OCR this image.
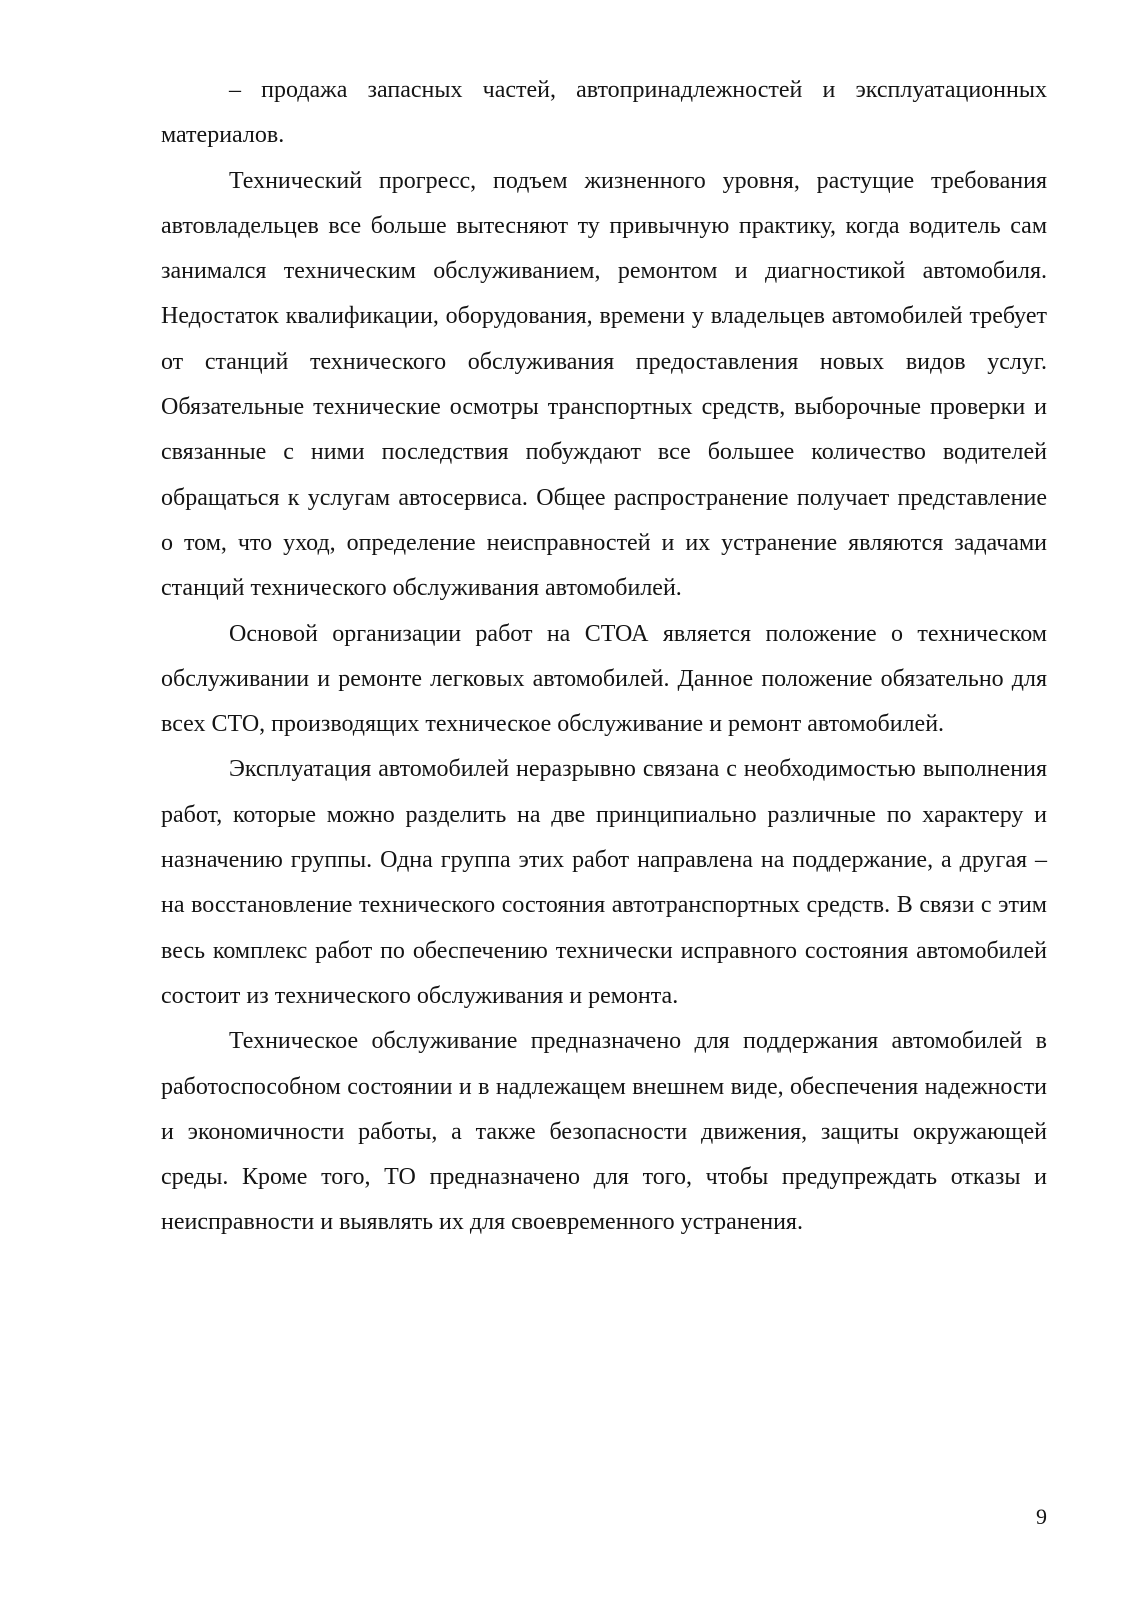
– продажа запасных частей, автопринадлежностей и эксплуатационных материалов.

Технический прогресс, подъем жизненного уровня, растущие требования автовладельцев все больше вытесняют ту привычную практику, когда водитель сам занимался техническим обслуживанием, ремонтом и диагностикой автомобиля. Недостаток квалификации, оборудования, времени у владельцев автомобилей требует от станций технического обслуживания предоставления новых видов услуг. Обязательные технические осмотры транспортных средств, выборочные проверки и связанные с ними последствия побуждают все большее количество водителей обращаться к услугам автосервиса. Общее распространение получает представление о том, что уход, определение неисправностей и их устранение являются задачами станций технического обслуживания автомобилей.

Основой организации работ на СТОА является положение о техническом обслуживании и ремонте легковых автомобилей. Данное положение обязательно для всех СТО, производящих техническое обслуживание и ремонт автомобилей.

Эксплуатация автомобилей неразрывно связана с необходимостью выполнения работ, которые можно разделить на две принципиально различные по характеру и назначению группы. Одна группа этих работ направлена на поддержание, а другая – на восстановление технического состояния автотранспортных средств. В связи с этим весь комплекс работ по обеспечению технически исправного состояния автомобилей состоит из технического обслуживания и ремонта.

Техническое обслуживание предназначено для поддержания автомобилей в работоспособном состоянии и в надлежащем внешнем виде, обеспечения надежности и экономичности работы, а также безопасности движения, защиты окружающей среды. Кроме того, ТО предназначено для того, чтобы предупреждать отказы и неисправности и выявлять их для своевременного устранения.

9
